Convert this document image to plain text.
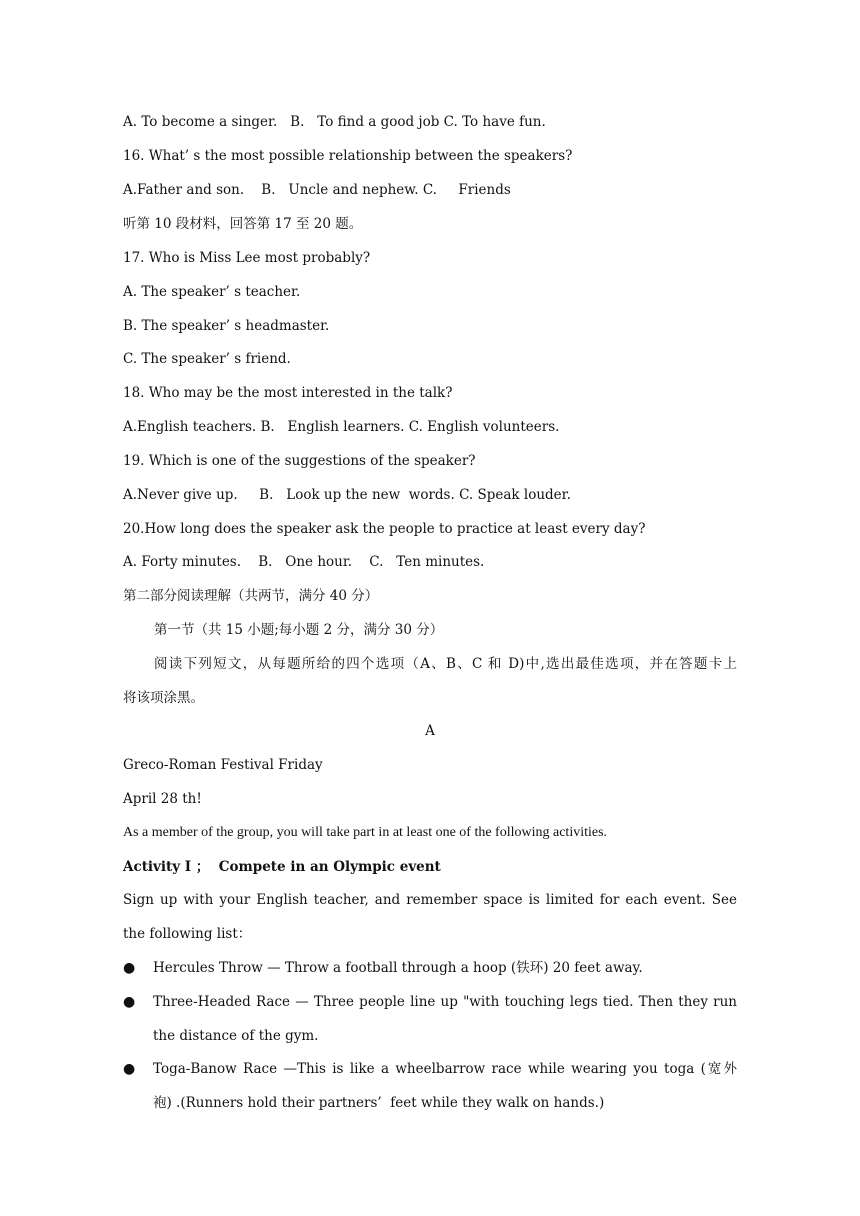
A. To become a singer.   B.   To find a good job C. To have fun.
16. What’ s the most possible relationship between the speakers?
A.Father and son.    B.   Uncle and nephew. C.     Friends
听第 10 段材料，回答第 17 至 20 题。
17. Who is Miss Lee most probably?
A. The speaker’ s teacher.
B. The speaker’ s headmaster.
C. The speaker’ s friend.
18. Who may be the most interested in the talk?
A.English teachers. B.   English learners. C. English volunteers.
19. Which is one of the suggestions of the speaker?
A.Never give up.     B.   Look up the new  words. C. Speak louder.
20.How long does the speaker ask the people to practice at least every day?
A. Forty minutes.    B.   One hour.    C.   Ten minutes.
第二部分阅读理解（共两节，满分 40 分）
第一节（共 15 小题;每小题 2 分，满分 30 分）
阅读下列短文，从每题所给的四个选项（A、B、C 和 D)中,选出最佳选项，并在答题卡上
将该项涂黑。
A
Greco-Roman Festival Friday
April 28 th!
As a member of the group, you will take part in at least one of the following activities.
Activity I ；  Compete in an Olympic event
Sign up with your English teacher, and remember space is limited for each event. See
the following list：
● Hercules Throw — Throw a football through a hoop (铁环) 20 feet away.
● Three-Headed Race — Three people line up "with touching legs tied. Then they run
the distance of the gym.
● Toga-Banow Race —This is like a wheelbarrow race while wearing you toga (宽外
袍) .(Runners hold their partners’  feet while they walk on hands.)
